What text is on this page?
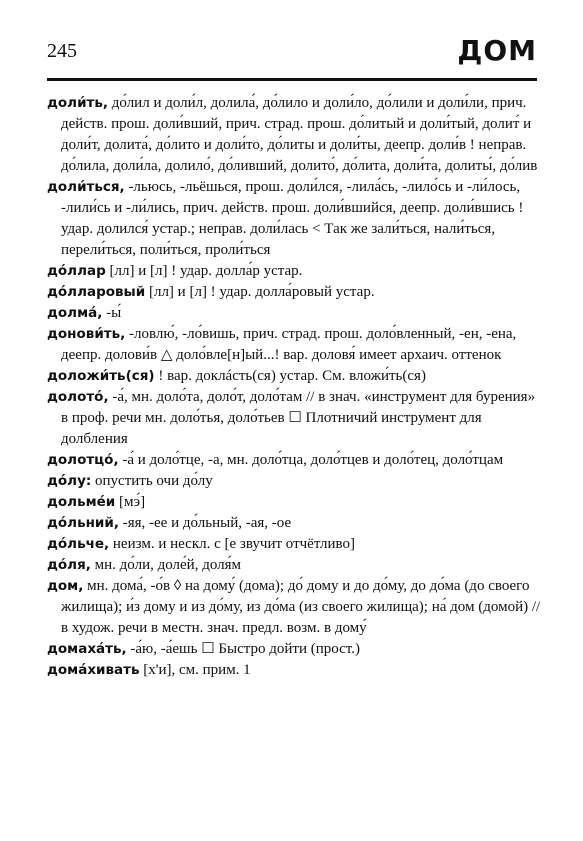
245	ДОМ

доли́ть, до́лил и доли́л, долила́, до́лило и доли́ло, до́лили и доли́ли, прич. действ. прош. доли́вший, прич. страд. прош. до́литый и доли́тый, долит́ и доли́т, долита́, до́лито и доли́то, до́литы и доли́ты, деепр. доли́в ! неправ. до́лила, доли́ла, долило́, до́ливший, долито́, до́лита, доли́та, долиты́, до́лив

доли́ться, -льюсь, -льёшься, прош. доли́лся, -лила́сь, -лило́сь и -ли́лось, -лили́сь и -ли́лись, прич. действ. прош. доли́вшийся, деепр. доли́вшись ! удар. долился́ устар.; неправ. доли́лась < Так же зали́ться, нали́ться, перели́ться, поли́ться, проли́ться

до́ллар [лл] и [л] ! удар. долла́р устар.

до́лларовый [лл] и [л] ! удар. долла́ровый устар.

долма́, -ы́

донови́ть, -ловлю́, -ло́вишь, прич. страд. прош. доло́вленный, -ен, -ена, деепр. долови́в △ доло́вле[н]ый...! вар. доловя́ имеет архаич. оттенок

доложи́ть(ся) ! вар. доклáсть(ся) устар. См. вложи́ть(ся)

долото́, -а́, мн. доло́та, доло́т, доло́там // в знач. «инструмент для бурения» в проф. речи мн. доло́тья, доло́тьев ☐ Плотничий инструмент для долбления

долотцо́, -а́ и доло́тце, -а, мн. доло́тца, доло́тцев и доло́тец, доло́тцам

до́лу: опустить очи до́лу

дольме́и [мэ́]

до́льний, -яя, -ее и до́льный, -ая, -ое

до́льче, неизм. и нескл. с [е звучит отчётливо]

до́ля, мн. до́ли, доле́й, доля́м

дом, мн. дома́, -о́в ◊ на дому́ (дома); до́ дому и до до́му, до до́ма (до своего жилища); и́з дому и из до́му, из до́ма (из своего жилища); на́ дом (домой) // в худож. речи в местн. знач. предл. возм. в дому́

домаха́ть, -а́ю, -а́ешь ☐ Быстро дойти (прост.)

дома́хивать [х'и], см. прим. 1
